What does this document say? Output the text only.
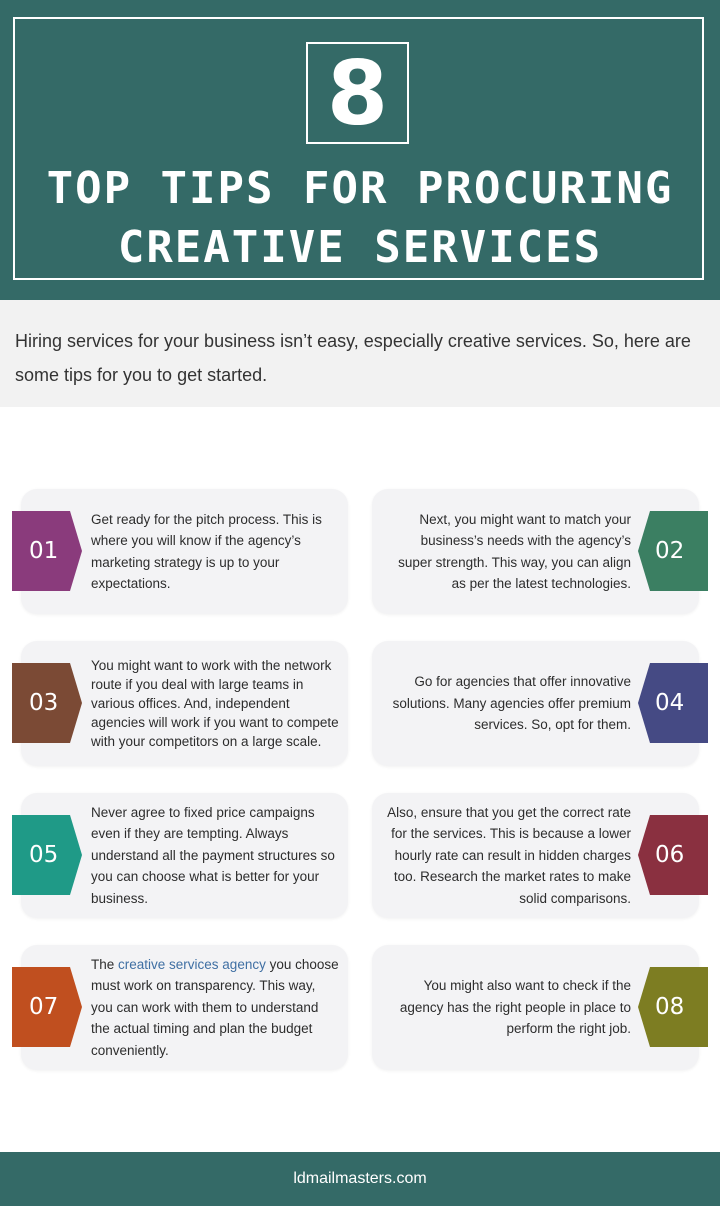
8
TOP TIPS FOR PROCURING
CREATIVE SERVICES

Hiring services for your business isn’t easy, especially creative services. So, here are some tips for you to get started.

Get ready for the pitch process. This is where you will know if the agency’s marketing strategy is up to your expectations.
01
Next, you might want to match your business’s needs with the agency’s super strength. This way, you can align as per the latest technologies.
02
You might want to work with the network route if you deal with large teams in various offices. And, independent agencies will work if you want to compete with your competitors on a large scale.
03
Go for agencies that offer innovative solutions. Many agencies offer premium services. So, opt for them.
04
Never agree to fixed price campaigns even if they are tempting. Always understand all the payment structures so you can choose what is better for your business.
05
Also, ensure that you get the correct rate for the services. This is because a lower hourly rate can result in hidden charges too. Research the market rates to make solid comparisons.
06
The creative services agency you choose must work on transparency. This way, you can work with them to understand the actual timing and plan the budget conveniently.
07
You might also want to check if the agency has the right people in place to perform the right job.
08
ldmailmasters.com
